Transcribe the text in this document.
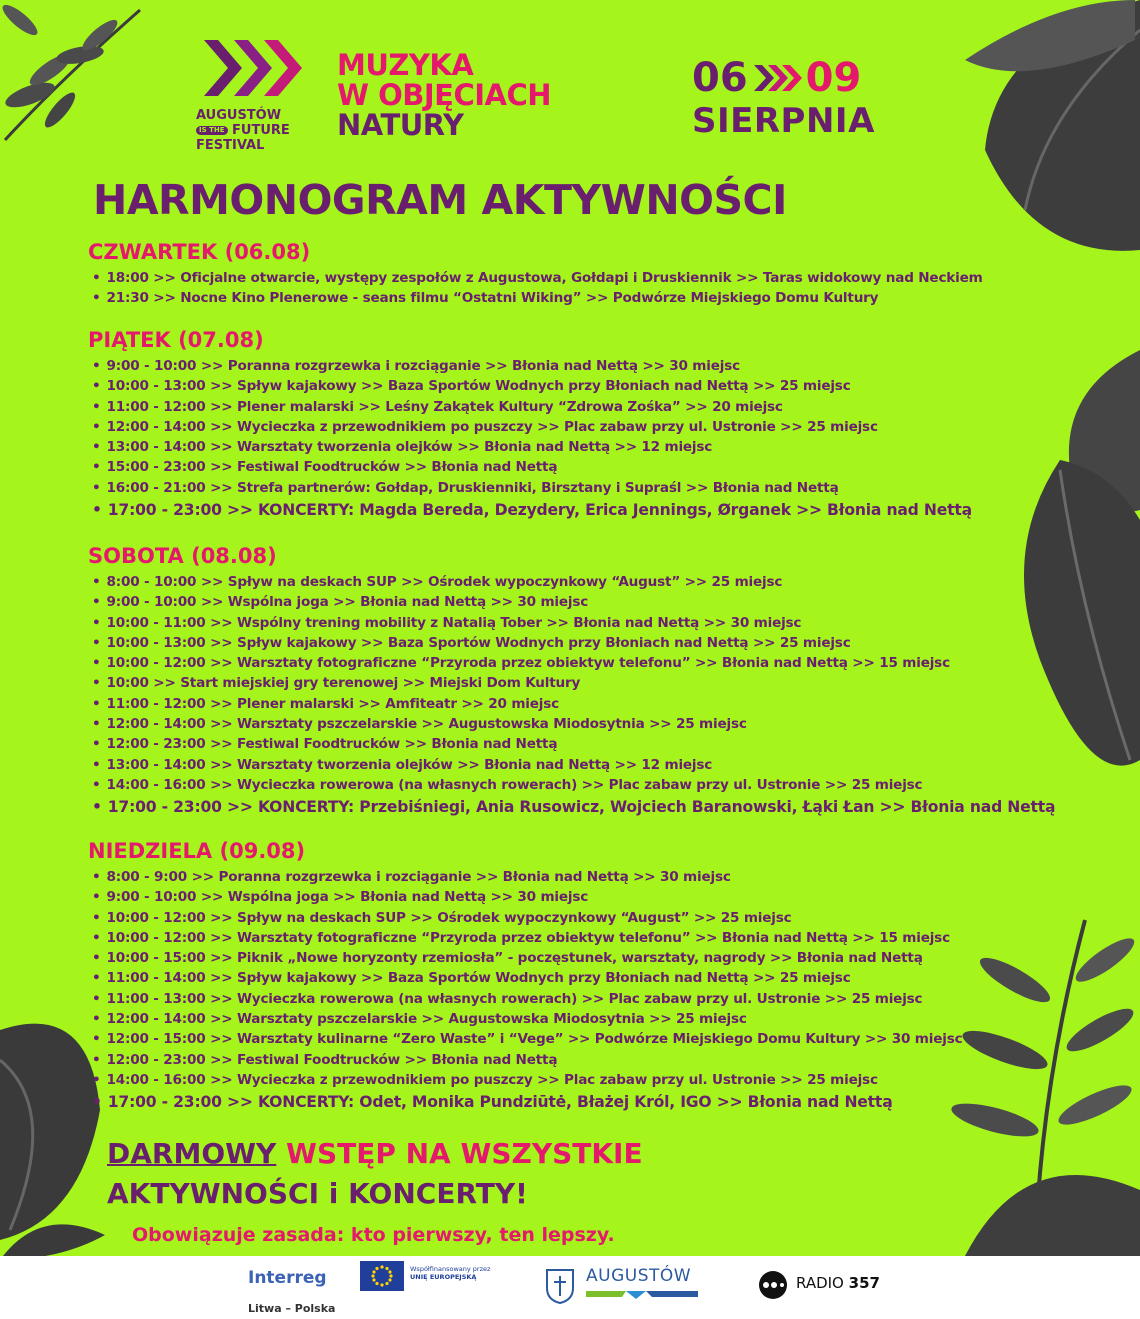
AUGUSTÓW
IS THE FUTURE
FESTIVAL
MUZYKA
W OBJĘCIACH
NATURY
06 09
SIERPNIA
HARMONOGRAM AKTYWNOŚCI
CZWARTEK (06.08)
• 18:00 >> Oficjalne otwarcie, występy zespołów z Augustowa, Gołdapi i Druskiennik >> Taras widokowy nad Neckiem
• 21:30 >> Nocne Kino Plenerowe - seans filmu “Ostatni Wiking” >> Podwórze Miejskiego Domu Kultury
PIĄTEK (07.08)
• 9:00 - 10:00 >> Poranna rozgrzewka i rozciąganie >> Błonia nad Nettą >> 30 miejsc
• 10:00 - 13:00 >> Spływ kajakowy >> Baza Sportów Wodnych przy Błoniach nad Nettą >> 25 miejsc
• 11:00 - 12:00 >> Plener malarski >> Leśny Zakątek Kultury “Zdrowa Zośka” >> 20 miejsc
• 12:00 - 14:00 >> Wycieczka z przewodnikiem po puszczy >> Plac zabaw przy ul. Ustronie >> 25 miejsc
• 13:00 - 14:00 >> Warsztaty tworzenia olejków >> Błonia nad Nettą >> 12 miejsc
• 15:00 - 23:00 >> Festiwal Foodtrucków >> Błonia nad Nettą
• 16:00 - 21:00 >> Strefa partnerów: Gołdap, Druskienniki, Birsztany i Supraśl >> Błonia nad Nettą
• 17:00 - 23:00 >> KONCERTY: Magda Bereda, Dezydery, Erica Jennings, Ørganek >> Błonia nad Nettą
SOBOTA (08.08)
• 8:00 - 10:00 >> Spływ na deskach SUP >> Ośrodek wypoczynkowy “August” >> 25 miejsc
• 9:00 - 10:00 >> Wspólna joga >> Błonia nad Nettą >> 30 miejsc
• 10:00 - 11:00 >> Wspólny trening mobility z Natalią Tober >> Błonia nad Nettą >> 30 miejsc
• 10:00 - 13:00 >> Spływ kajakowy >> Baza Sportów Wodnych przy Błoniach nad Nettą >> 25 miejsc
• 10:00 - 12:00 >> Warsztaty fotograficzne “Przyroda przez obiektyw telefonu” >> Błonia nad Nettą >> 15 miejsc
• 10:00 >> Start miejskiej gry terenowej >> Miejski Dom Kultury
• 11:00 - 12:00 >> Plener malarski >> Amfiteatr >> 20 miejsc
• 12:00 - 14:00 >> Warsztaty pszczelarskie >> Augustowska Miodosytnia >> 25 miejsc
• 12:00 - 23:00 >> Festiwal Foodtrucków >> Błonia nad Nettą
• 13:00 - 14:00 >> Warsztaty tworzenia olejków >> Błonia nad Nettą >> 12 miejsc
• 14:00 - 16:00 >> Wycieczka rowerowa (na własnych rowerach) >> Plac zabaw przy ul. Ustronie >> 25 miejsc
• 17:00 - 23:00 >> KONCERTY: Przebiśniegi, Ania Rusowicz, Wojciech Baranowski, Łąki Łan >> Błonia nad Nettą
NIEDZIELA (09.08)
• 8:00 - 9:00 >> Poranna rozgrzewka i rozciąganie >> Błonia nad Nettą >> 30 miejsc
• 9:00 - 10:00 >> Wspólna joga >> Błonia nad Nettą >> 30 miejsc
• 10:00 - 12:00 >> Spływ na deskach SUP >> Ośrodek wypoczynkowy “August” >> 25 miejsc
• 10:00 - 12:00 >> Warsztaty fotograficzne “Przyroda przez obiektyw telefonu” >> Błonia nad Nettą >> 15 miejsc
• 10:00 - 15:00 >> Piknik „Nowe horyzonty rzemiosła” - poczęstunek, warsztaty, nagrody >> Błonia nad Nettą
• 11:00 - 14:00 >> Spływ kajakowy >> Baza Sportów Wodnych przy Błoniach nad Nettą >> 25 miejsc
• 11:00 - 13:00 >> Wycieczka rowerowa (na własnych rowerach) >> Plac zabaw przy ul. Ustronie >> 25 miejsc
• 12:00 - 14:00 >> Warsztaty pszczelarskie >> Augustowska Miodosytnia >> 25 miejsc
• 12:00 - 15:00 >> Warsztaty kulinarne “Zero Waste” i “Vege” >> Podwórze Miejskiego Domu Kultury >> 30 miejsc
• 12:00 - 23:00 >> Festiwal Foodtrucków >> Błonia nad Nettą
• 14:00 - 16:00 >> Wycieczka z przewodnikiem po puszczy >> Plac zabaw przy ul. Ustronie >> 25 miejsc
• 17:00 - 23:00 >> KONCERTY: Odet, Monika Pundziūtė, Błażej Król, IGO >> Błonia nad Nettą
DARMOWY WSTĘP NA WSZYSTKIE
AKTYWNOŚCI i KONCERTY!
Obowiązuje zasada: kto pierwszy, ten lepszy.
Interreg
Litwa – Polska
Współfinansowany przez
UNIĘ EUROPEJSKĄ	AUGUSTÓW	RADIO 357
